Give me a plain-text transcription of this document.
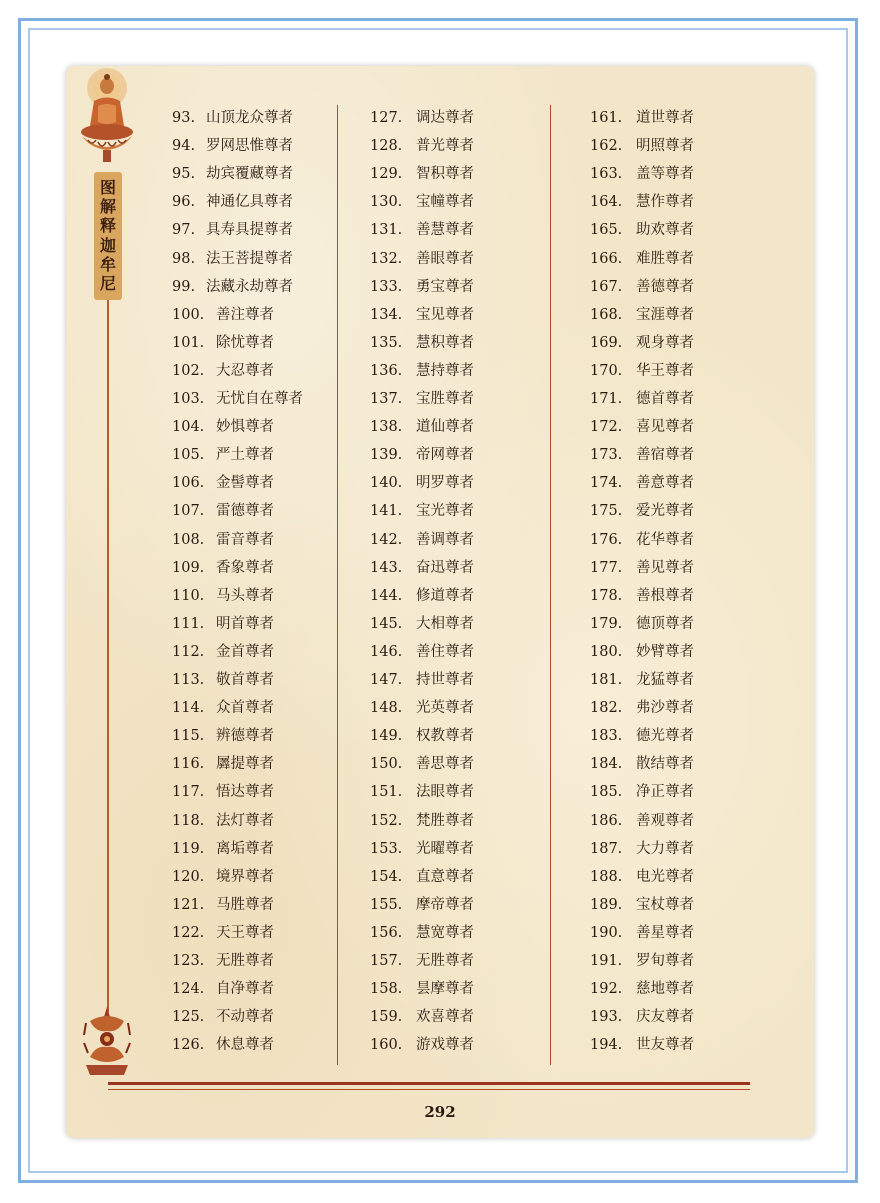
图
解
释
迦
牟
尼
93. 山顶龙众尊者
94. 罗网思惟尊者
95. 劫宾覆藏尊者
96. 神通亿具尊者
97. 具寿具提尊者
98. 法王菩提尊者
99. 法藏永劫尊者
100. 善注尊者
101. 除忧尊者
102. 大忍尊者
103. 无忧自在尊者
104. 妙惧尊者
105. 严土尊者
106. 金髻尊者
107. 雷德尊者
108. 雷音尊者
109. 香象尊者
110. 马头尊者
111. 明首尊者
112. 金首尊者
113. 敬首尊者
114. 众首尊者
115. 辨德尊者
116. 羼提尊者
117. 悟达尊者
118. 法灯尊者
119. 离垢尊者
120. 境界尊者
121. 马胜尊者
122. 天王尊者
123. 无胜尊者
124. 自净尊者
125. 不动尊者
126. 休息尊者
127. 调达尊者
128. 普光尊者
129. 智积尊者
130. 宝幢尊者
131. 善慧尊者
132. 善眼尊者
133. 勇宝尊者
134. 宝见尊者
135. 慧积尊者
136. 慧持尊者
137. 宝胜尊者
138. 道仙尊者
139. 帝网尊者
140. 明罗尊者
141. 宝光尊者
142. 善调尊者
143. 奋迅尊者
144. 修道尊者
145. 大相尊者
146. 善住尊者
147. 持世尊者
148. 光英尊者
149. 权教尊者
150. 善思尊者
151. 法眼尊者
152. 梵胜尊者
153. 光曜尊者
154. 直意尊者
155. 摩帝尊者
156. 慧宽尊者
157. 无胜尊者
158. 昙摩尊者
159. 欢喜尊者
160. 游戏尊者
161. 道世尊者
162. 明照尊者
163. 盖等尊者
164. 慧作尊者
165. 助欢尊者
166. 难胜尊者
167. 善德尊者
168. 宝涯尊者
169. 观身尊者
170. 华王尊者
171. 德首尊者
172. 喜见尊者
173. 善宿尊者
174. 善意尊者
175. 爱光尊者
176. 花华尊者
177. 善见尊者
178. 善根尊者
179. 德顶尊者
180. 妙臂尊者
181. 龙猛尊者
182. 弗沙尊者
183. 德光尊者
184. 散结尊者
185. 净正尊者
186. 善观尊者
187. 大力尊者
188. 电光尊者
189. 宝杖尊者
190. 善星尊者
191. 罗旬尊者
192. 慈地尊者
193. 庆友尊者
194. 世友尊者
292
